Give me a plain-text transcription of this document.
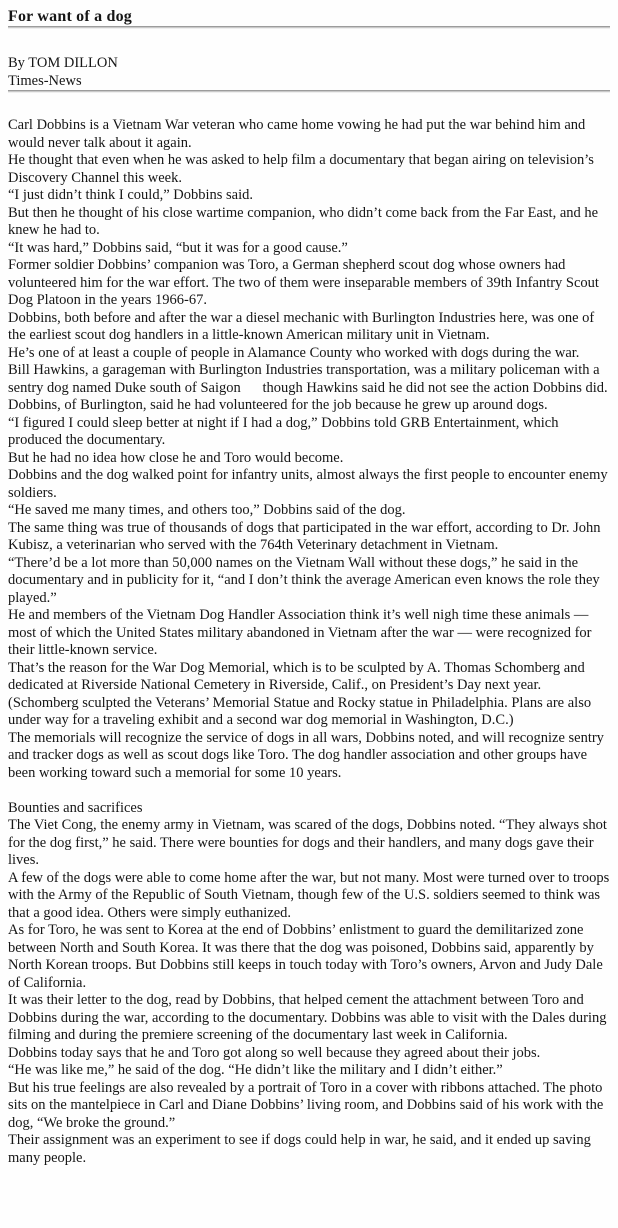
For want of a dog
By TOM DILLON
Times-News
Carl Dobbins is a Vietnam War veteran who came home vowing he had put the war behind him and would never talk about it again.
He thought that even when he was asked to help film a documentary that began airing on television’s Discovery Channel this week.
“I just didn’t think I could,” Dobbins said.
But then he thought of his close wartime companion, who didn’t come back from the Far East, and he knew he had to.
“It was hard,” Dobbins said, “but it was for a good cause.”
Former soldier Dobbins’ companion was Toro, a German shepherd scout dog whose owners had volunteered him for the war effort. The two of them were inseparable members of 39th Infantry Scout Dog Platoon in the years 1966-67.
Dobbins, both before and after the war a diesel mechanic with Burlington Industries here, was one of the earliest scout dog handlers in a little-known American military unit in Vietnam.
He’s one of at least a couple of people in Alamance County who worked with dogs during the war.
Bill Hawkins, a garageman with Burlington Industries transportation, was a military policeman with a sentry dog named Duke south of Saigon  though Hawkins said he did not see the action Dobbins did.
Dobbins, of Burlington, said he had volunteered for the job because he grew up around dogs.
“I figured I could sleep better at night if I had a dog,” Dobbins told GRB Entertainment, which produced the documentary.
But he had no idea how close he and Toro would become.
Dobbins and the dog walked point for infantry units, almost always the first people to encounter enemy soldiers.
“He saved me many times, and others too,” Dobbins said of the dog.
The same thing was true of thousands of dogs that participated in the war effort, according to Dr. John Kubisz, a veterinarian who served with the 764th Veterinary detachment in Vietnam.
“There’d be a lot more than 50,000 names on the Vietnam Wall without these dogs,” he said in the documentary and in publicity for it, “and I don’t think the average American even knows the role they played.”
He and members of the Vietnam Dog Handler Association think it’s well nigh time these animals — most of which the United States military abandoned in Vietnam after the war — were recognized for their little-known service.
That’s the reason for the War Dog Memorial, which is to be sculpted by A. Thomas Schomberg and dedicated at Riverside National Cemetery in Riverside, Calif., on President’s Day next year. (Schomberg sculpted the Veterans’ Memorial Statue and Rocky statue in Philadelphia. Plans are also under way for a traveling exhibit and a second war dog memorial in Washington, D.C.)
The memorials will recognize the service of dogs in all wars, Dobbins noted, and will recognize sentry and tracker dogs as well as scout dogs like Toro. The dog handler association and other groups have been working toward such a memorial for some 10 years.
Bounties and sacrifices
The Viet Cong, the enemy army in Vietnam, was scared of the dogs, Dobbins noted. “They always shot for the dog first,” he said. There were bounties for dogs and their handlers, and many dogs gave their lives.
A few of the dogs were able to come home after the war, but not many. Most were turned over to troops with the Army of the Republic of South Vietnam, though few of the U.S. soldiers seemed to think was that a good idea. Others were simply euthanized.
As for Toro, he was sent to Korea at the end of Dobbins’ enlistment to guard the demilitarized zone between North and South Korea. It was there that the dog was poisoned, Dobbins said, apparently by North Korean troops. But Dobbins still keeps in touch today with Toro’s owners, Arvon and Judy Dale of California.
It was their letter to the dog, read by Dobbins, that helped cement the attachment between Toro and Dobbins during the war, according to the documentary. Dobbins was able to visit with the Dales during filming and during the premiere screening of the documentary last week in California.
Dobbins today says that he and Toro got along so well because they agreed about their jobs.
“He was like me,” he said of the dog. “He didn’t like the military and I didn’t either.”
But his true feelings are also revealed by a portrait of Toro in a cover with ribbons attached. The photo sits on the mantelpiece in Carl and Diane Dobbins’ living room, and Dobbins said of his work with the dog, “We broke the ground.”
Their assignment was an experiment to see if dogs could help in war, he said, and it ended up saving many people.
